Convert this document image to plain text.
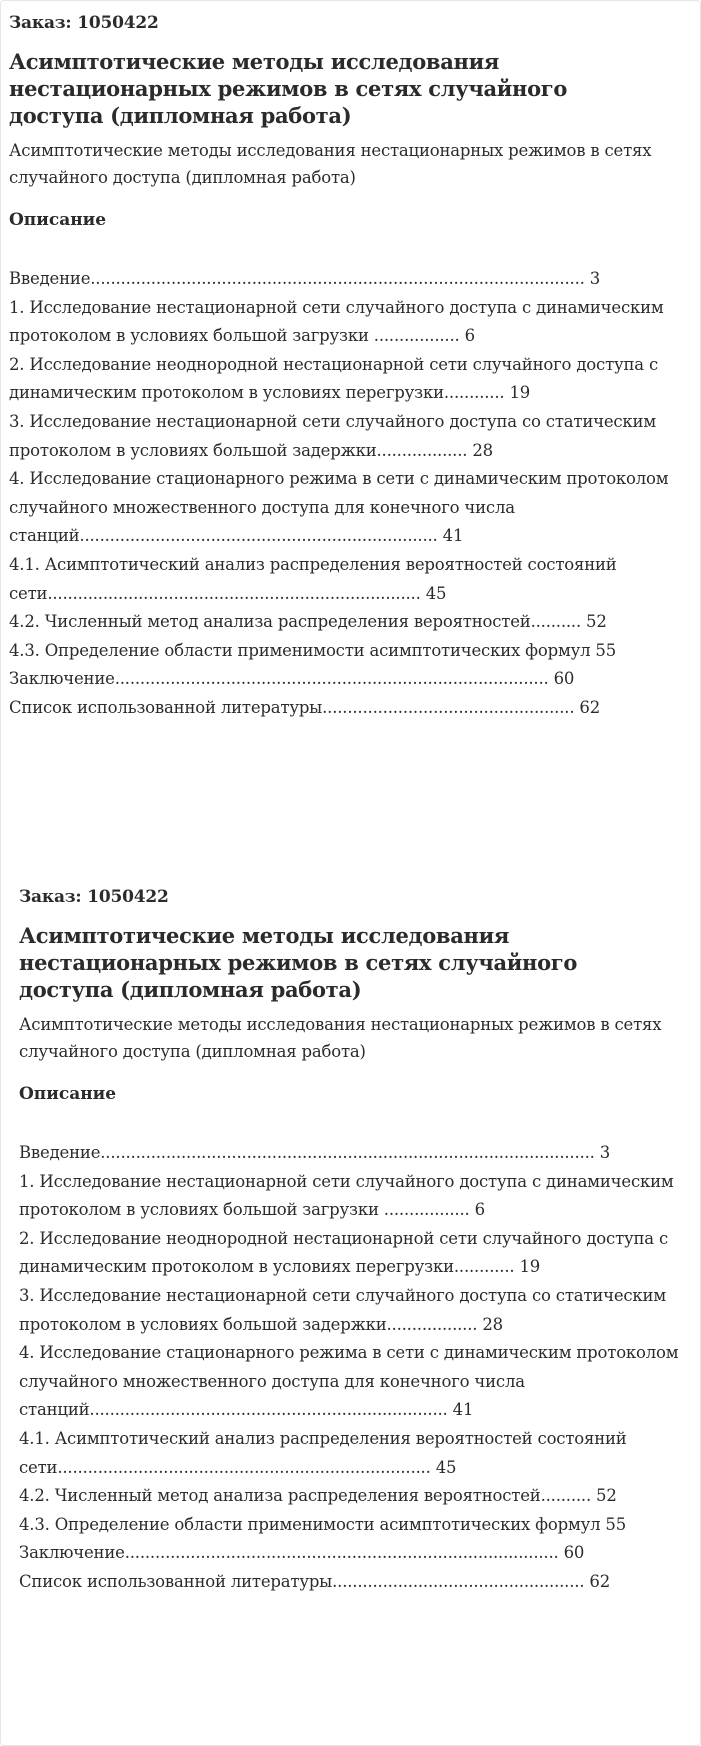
Заказ: 1050422
Асимптотические методы исследования нестационарных режимов в сетях случайного доступа (дипломная работа)
Асимптотические методы исследования нестационарных режимов в сетях случайного доступа (дипломная работа)
Описание
Введение.................................................................................................. 3
1. Исследование нестационарной сети случайного доступа с динамическим протоколом в условиях большой загрузки ................. 6
2. Исследование неоднородной нестационарной сети случайного доступа с динамическим протоколом в условиях перегрузки............ 19
3. Исследование нестационарной сети случайного доступа со статическим протоколом в условиях большой задержки.................. 28
4. Исследование стационарного режима в сети с динамическим протоколом случайного множественного доступа для конечного числа станций....................................................................... 41
4.1. Асимптотический анализ распределения вероятностей состояний сети.......................................................................... 45
4.2. Численный метод анализа распределения вероятностей.......... 52
4.3. Определение области применимости асимптотических формул 55
Заключение...................................................................................... 60
Список использованной литературы.................................................. 62
Заказ: 1050422
Асимптотические методы исследования нестационарных режимов в сетях случайного доступа (дипломная работа)
Асимптотические методы исследования нестационарных режимов в сетях случайного доступа (дипломная работа)
Описание
Введение.................................................................................................. 3
1. Исследование нестационарной сети случайного доступа с динамическим протоколом в условиях большой загрузки ................. 6
2. Исследование неоднородной нестационарной сети случайного доступа с динамическим протоколом в условиях перегрузки............ 19
3. Исследование нестационарной сети случайного доступа со статическим протоколом в условиях большой задержки.................. 28
4. Исследование стационарного режима в сети с динамическим протоколом случайного множественного доступа для конечного числа станций....................................................................... 41
4.1. Асимптотический анализ распределения вероятностей состояний сети.......................................................................... 45
4.2. Численный метод анализа распределения вероятностей.......... 52
4.3. Определение области применимости асимптотических формул 55
Заключение...................................................................................... 60
Список использованной литературы.................................................. 62
